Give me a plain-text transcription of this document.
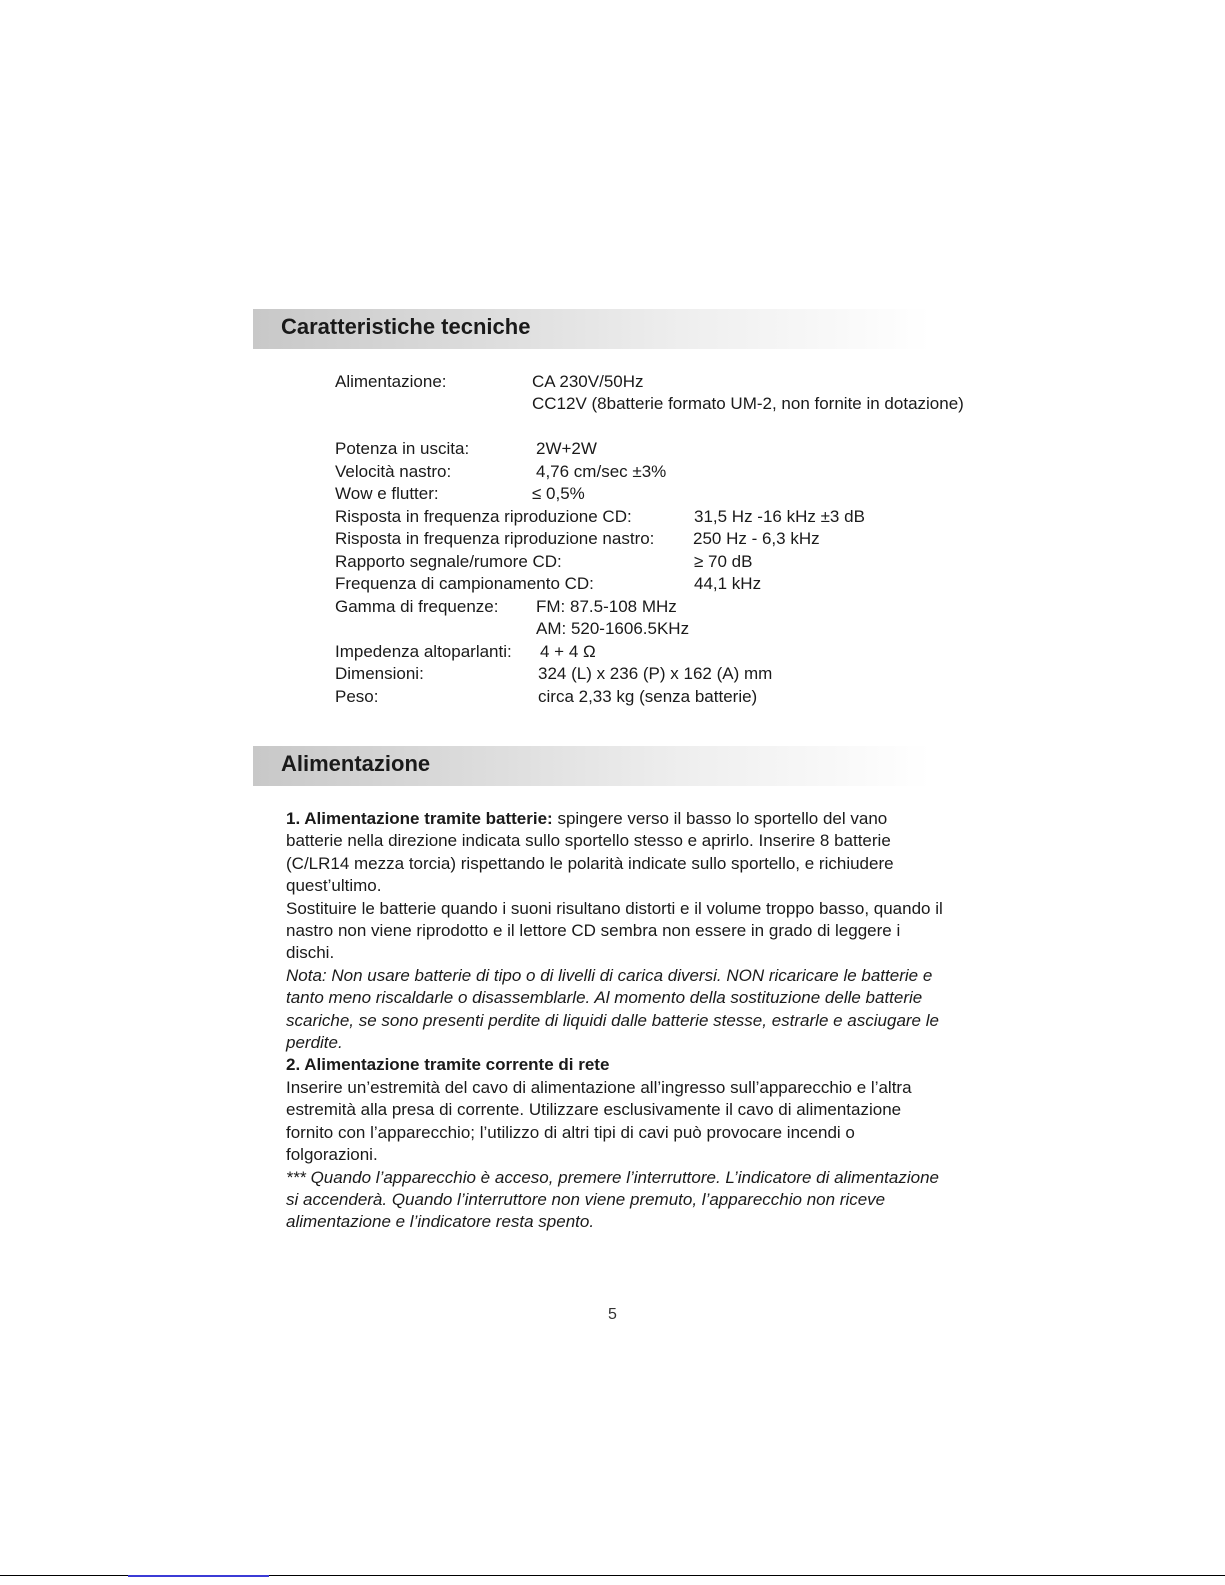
Caratteristiche tecniche
Alimentazione:	CA 230V/50Hz
CC12V (8batterie formato UM-2, non fornite in dotazione)
Potenza in uscita:	2W+2W
Velocità nastro:	4,76 cm/sec ±3%
Wow e flutter:	≤ 0,5%
Risposta in frequenza riproduzione CD:	31,5 Hz -16 kHz ±3 dB
Risposta in frequenza riproduzione nastro: 250 Hz - 6,3 kHz
Rapporto segnale/rumore CD:	≥ 70 dB
Frequenza di campionamento CD:	44,1 kHz
Gamma di frequenze: FM: 87.5-108 MHz
AM: 520-1606.5KHz
Impedenza altoparlanti: 4 + 4 Ω
Dimensioni:	324 (L) x 236 (P) x 162 (A) mm
Peso:	circa 2,33 kg (senza batterie)
Alimentazione

1. Alimentazione tramite batterie: spingere verso il basso lo sportello del vano batterie nella direzione indicata sullo sportello stesso e aprirlo. Inserire 8 batterie (C/LR14 mezza torcia) rispettando le polarità indicate sullo sportello, e richiudere quest’ultimo.

Sostituire le batterie quando i suoni risultano distorti e il volume troppo basso, quando il nastro non viene riprodotto e il lettore CD sembra non essere in grado di leggere i dischi.

Nota: Non usare batterie di tipo o di livelli di carica diversi. NON ricaricare le batterie e tanto meno riscaldarle o disassemblarle. Al momento della sostituzione delle batterie scariche, se sono presenti perdite di liquidi dalle batterie stesse, estrarle e asciugare le perdite.

2. Alimentazione tramite corrente di rete

Inserire un’estremità del cavo di alimentazione all’ingresso sull’apparecchio e l’altra estremità alla presa di corrente. Utilizzare esclusivamente il cavo di alimentazione fornito con l’apparecchio; l’utilizzo di altri tipi di cavi può provocare incendi o folgorazioni.

*** Quando l’apparecchio è acceso, premere l’interruttore. L’indicatore di alimentazione si accenderà. Quando l’interruttore non viene premuto, l’apparecchio non riceve alimentazione e l’indicatore resta spento.

5
